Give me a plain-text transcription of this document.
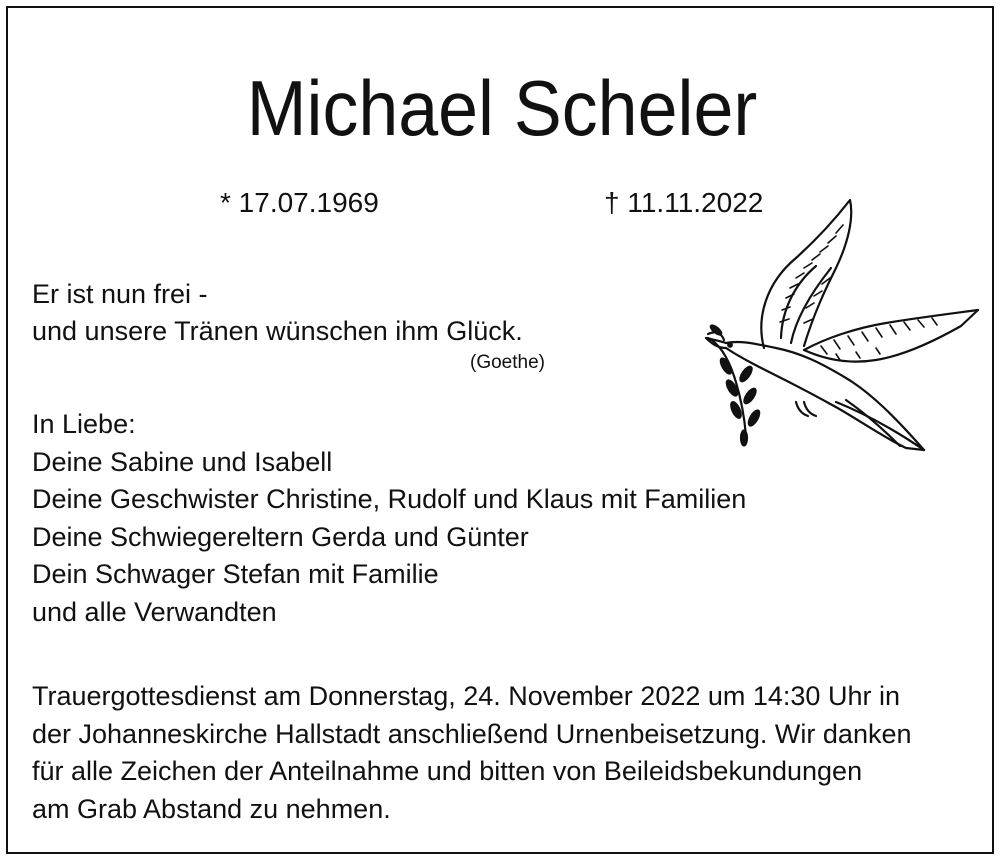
Michael Scheler
* 17.07.1969	† 11.11.2022
Er ist nun frei -
und unsere Tränen wünschen ihm Glück.
(Goethe)
In Liebe:
Deine Sabine und Isabell
Deine Geschwister Christine, Rudolf und Klaus mit Familien
Deine Schwiegereltern Gerda und Günter
Dein Schwager Stefan mit Familie
und alle Verwandten
Trauergottesdienst am Donnerstag, 24. November 2022 um 14:30 Uhr in
der Johanneskirche Hallstadt anschließend Urnenbeisetzung. Wir danken
für alle Zeichen der Anteilnahme und bitten von Beileidsbekundungen
am Grab Abstand zu nehmen.
